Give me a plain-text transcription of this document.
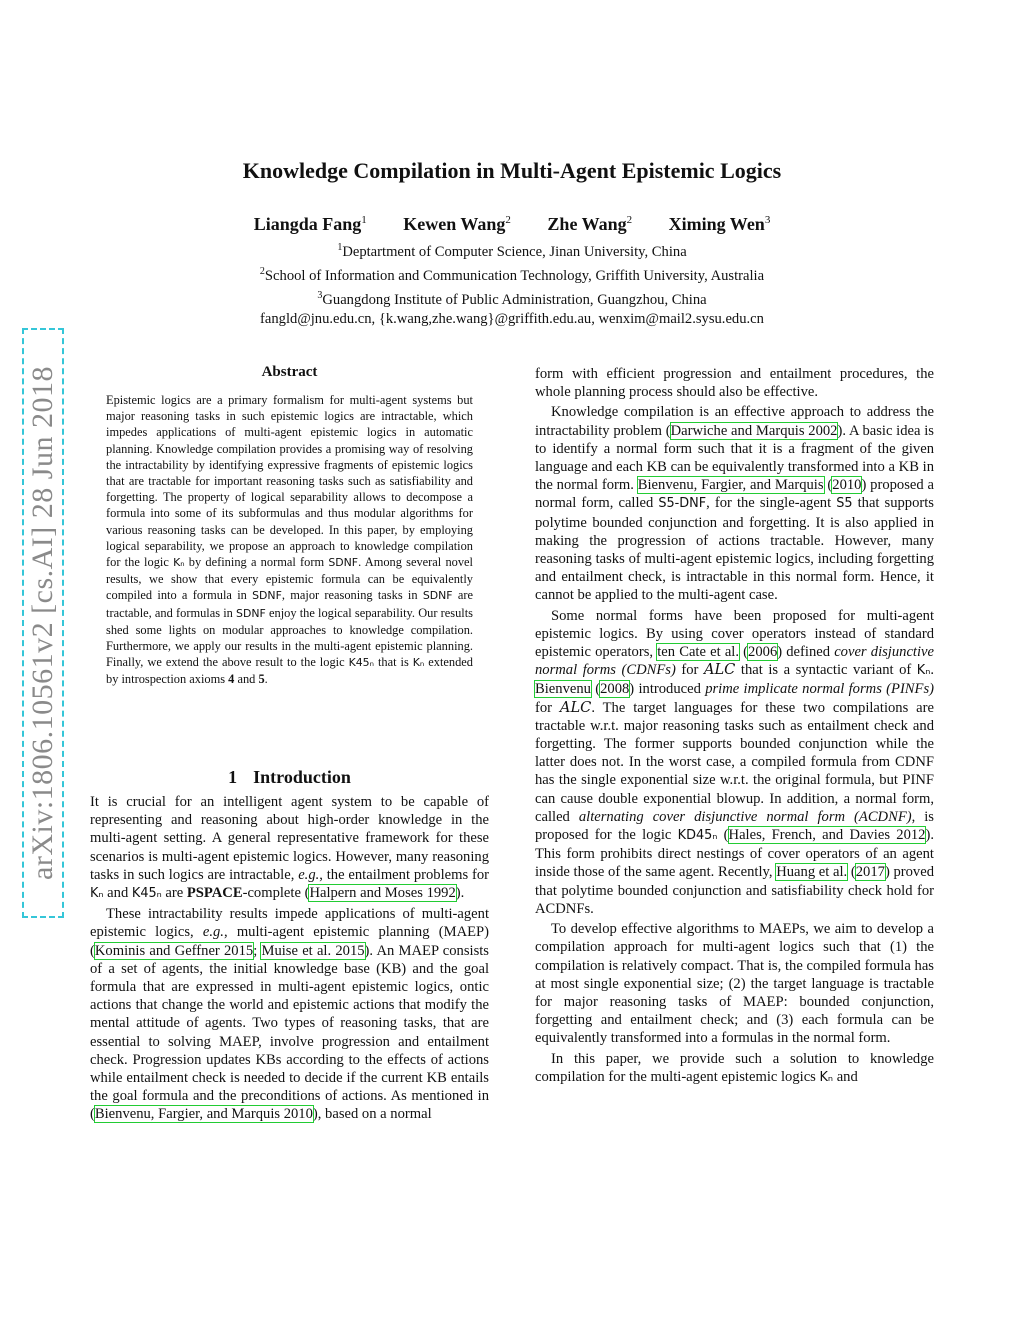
arXiv:1806.10561v2 [cs.AI] 28 Jun 2018
Knowledge Compilation in Multi-Agent Epistemic Logics
Liangda Fang$^1$ Kewen Wang$^2$ Zhe Wang$^2$ Ximing Wen$^3$
$^1$Deptartment of Computer Science, Jinan University, China
$^2$School of Information and Communication Technology, Griffith University, Australia
$^3$Guangdong Institute of Public Administration, Guangzhou, China
fangld@jnu.edu.cn, {k.wang,zhe.wang}@griffith.edu.au, wenxim@mail2.sysu.edu.cn
Abstract

Epistemic logics are a primary formalism for multi-agent systems but major reasoning tasks in such epistemic logics are intractable, which impedes applications of multi-agent epistemic logics in automatic planning. Knowledge compilation provides a promising way of resolving the intractability by identifying expressive fragments of epistemic logics that are tractable for important reasoning tasks such as satisfiability and forgetting. The property of logical separability allows to decompose a formula into some of its subformulas and thus modular algorithms for various reasoning tasks can be developed. In this paper, by employing logical separability, we propose an approach to knowledge compilation for the logic Kₙ by defining a normal form SDNF. Among several novel results, we show that every epistemic formula can be equivalently compiled into a formula in SDNF, major reasoning tasks in SDNF are tractable, and formulas in SDNF enjoy the logical separability. Our results shed some lights on modular approaches to knowledge compilation. Furthermore, we apply our results in the multi-agent epistemic planning. Finally, we extend the above result to the logic K45ₙ that is Kₙ extended by introspection axioms 4 and 5.

1 Introduction

It is crucial for an intelligent agent system to be capable of representing and reasoning about high-order knowledge in the multi-agent setting. A general representative framework for these scenarios is multi-agent epistemic logics. However, many reasoning tasks in such logics are intractable, e.g., the entailment problems for Kₙ and K45ₙ are PSPACE-complete (Halpern and Moses 1992).

These intractability results impede applications of multi-agent epistemic logics, e.g., multi-agent epistemic planning (MAEP) (Kominis and Geffner 2015; Muise et al. 2015). An MAEP consists of a set of agents, the initial knowledge base (KB) and the goal formula that are expressed in multi-agent epistemic logics, ontic actions that change the world and epistemic actions that modify the mental attitude of agents. Two types of reasoning tasks, that are essential to solving MAEP, involve progression and entailment check. Progression updates KBs according to the effects of actions while entailment check is needed to decide if the current KB entails the goal formula and the preconditions of actions. As mentioned in (Bienvenu, Fargier, and Marquis 2010), based on a normal

form with efficient progression and entailment procedures, the whole planning process should also be effective.

Knowledge compilation is an effective approach to address the intractability problem (Darwiche and Marquis 2002). A basic idea is to identify a normal form such that it is a fragment of the given language and each KB can be equivalently transformed into a KB in the normal form. Bienvenu, Fargier, and Marquis (2010) proposed a normal form, called S5-DNF, for the single-agent S5 that supports polytime bounded conjunction and forgetting. It is also applied in making the progression of actions tractable. However, many reasoning tasks of multi-agent epistemic logics, including forgetting and entailment check, is intractable in this normal form. Hence, it cannot be applied to the multi-agent case.

Some normal forms have been proposed for multi-agent epistemic logics. By using cover operators instead of standard epistemic operators, ten Cate et al. (2006) defined cover disjunctive normal forms (CDNFs) for ALC that is a syntactic variant of Kₙ. Bienvenu (2008) introduced prime implicate normal forms (PINFs) for ALC. The target languages for these two compilations are tractable w.r.t. major reasoning tasks such as entailment check and forgetting. The former supports bounded conjunction while the latter does not. In the worst case, a compiled formula from CDNF has the single exponential size w.r.t. the original formula, but PINF can cause double exponential blowup. In addition, a normal form, called alternating cover disjunctive normal form (ACDNF), is proposed for the logic KD45ₙ (Hales, French, and Davies 2012). This form prohibits direct nestings of cover operators of an agent inside those of the same agent. Recently, Huang et al. (2017) proved that polytime bounded conjunction and satisfiability check hold for ACDNFs.

To develop effective algorithms to MAEPs, we aim to develop a compilation approach for multi-agent logics such that (1) the compilation is relatively compact. That is, the compiled formula has at most single exponential size; (2) the target language is tractable for major reasoning tasks of MAEP: bounded conjunction, forgetting and entailment check; and (3) each formula can be equivalently transformed into a formulas in the normal form.

In this paper, we provide such a solution to knowledge compilation for the multi-agent epistemic logics Kₙ and
